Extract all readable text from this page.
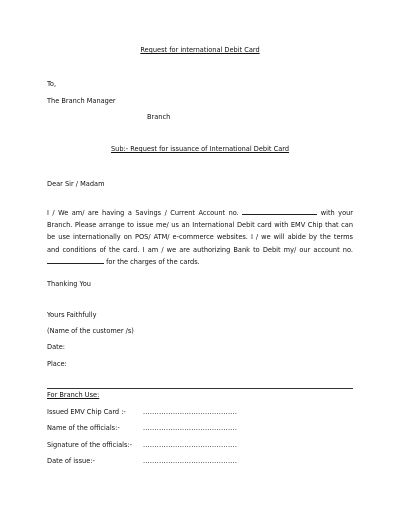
Request for international Debit Card
To,
The Branch Manager
Branch
Sub:- Request for issuance of International Debit Card
Dear Sir / Madam
I / We am/ are having a Savings / Current Account no.	with your Branch. Please arrange to issue me/ us an International Debit card with EMV Chip that can be use internationally on POS/ ATM/ e-commerce websites. I / we will abide by the terms and conditions of the card. I am / we are authorizing Bank to Debit my/ our account no.  for the charges of the cards.
Thanking You
Yours Faithfully
(Name of the customer /s)
Date:
Place:
For Branch Use:
Issued EMV Chip Card :-	.........................................
Name of the officials:-	.........................................
Signature of the officials:- .........................................
Date of issue:-	.........................................
